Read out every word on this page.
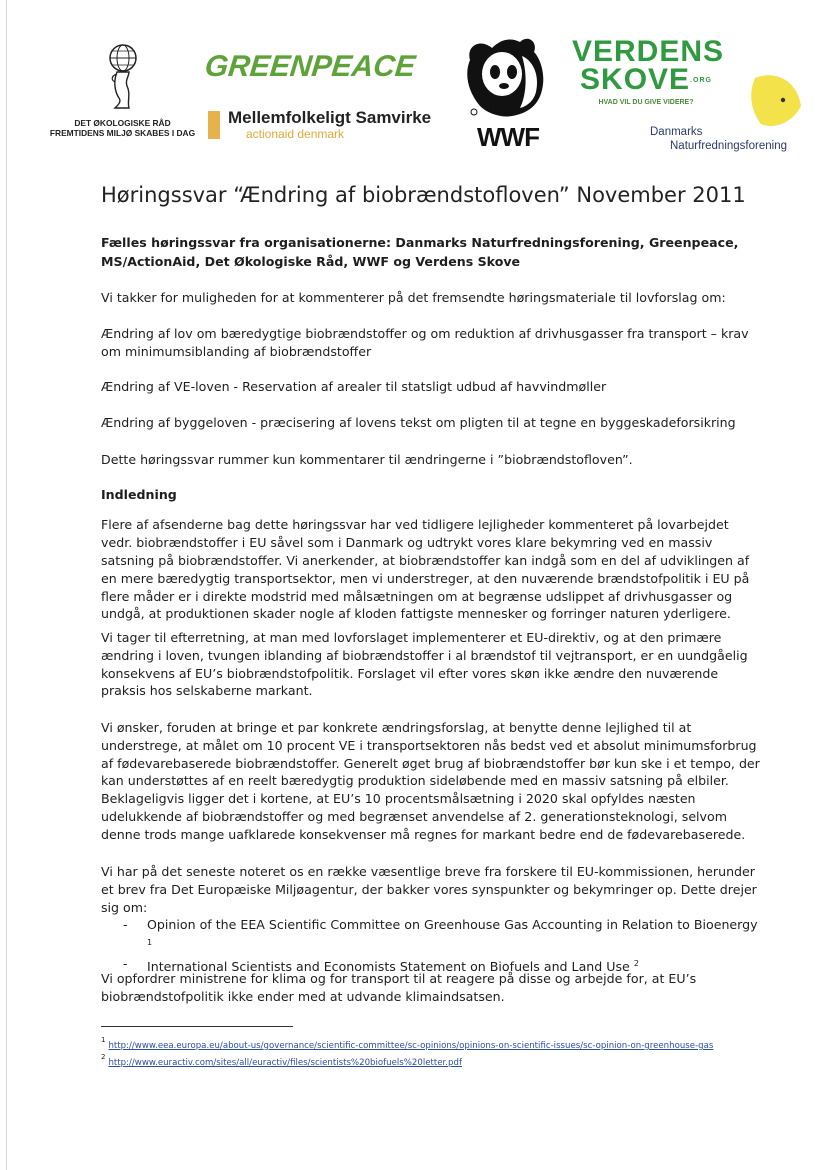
DET ØKOLOGISKE RÅD
FREMTIDENS MILJØ SKABES I DAG
GREENPEACE
Mellemfolkeligt Samvirke
actionaid denmark	WWF
VERDENS
SKOVE.ORG
HVAD VIL DU GIVE VIDERE?
Danmarks
Naturfredningsforening
Høringssvar “Ændring af biobrændstofloven” November 2011
Fælles høringssvar fra organisationerne: Danmarks Naturfredningsforening, Greenpeace, MS/ActionAid, Det Økologiske Råd, WWF og Verdens Skove
Vi takker for muligheden for at kommenterer på det fremsendte høringsmateriale til lovforslag om:
Ændring af lov om bæredygtige biobrændstoffer og om reduktion af drivhusgasser fra transport – krav om minimumsiblanding af biobrændstoffer
Ændring af VE-loven - Reservation af arealer til statsligt udbud af havvindmøller
Ændring af byggeloven - præcisering af lovens tekst om pligten til at tegne en byggeskadeforsikring
Dette høringssvar rummer kun kommentarer til ændringerne i ”biobrændstofloven”.
Indledning

Flere af afsenderne bag dette høringssvar har ved tidligere lejligheder kommenteret på lovarbejdet vedr. biobrændstoffer i EU såvel som i Danmark og udtrykt vores klare bekymring ved en massiv satsning på biobrændstoffer. Vi anerkender, at biobrændstoffer kan indgå som en del af udviklingen af en mere bæredygtig transportsektor, men vi understreger, at den nuværende brændstofpolitik i EU på flere måder er i direkte modstrid med målsætningen om at begrænse udslippet af drivhusgasser og undgå, at produktionen skader nogle af kloden fattigste mennesker og forringer naturen yderligere.

Vi tager til efterretning, at man med lovforslaget implementerer et EU-direktiv, og at den primære ændring i loven, tvungen iblanding af biobrændstoffer i al brændstof til vejtransport, er en uundgåelig konsekvens af EU’s biobrændstofpolitik. Forslaget vil efter vores skøn ikke ændre den nuværende praksis hos selskaberne markant.
Vi ønsker, foruden at bringe et par konkrete ændringsforslag, at benytte denne lejlighed til at understrege, at målet om 10 procent VE i transportsektoren nås bedst ved et absolut minimumsforbrug af fødevarebaserede biobrændstoffer. Generelt øget brug af biobrændstoffer bør kun ske i et tempo, der kan understøttes af en reelt bæredygtig produktion sideløbende med en massiv satsning på elbiler. Beklageligvis ligger det i kortene, at EU’s 10 procentsmålsætning i 2020 skal opfyldes næsten udelukkende af biobrændstoffer og med begrænset anvendelse af 2. generationsteknologi, selvom denne trods mange uafklarede konsekvenser må regnes for markant bedre end de fødevarebaserede.
Vi har på det seneste noteret os en række væsentlige breve fra forskere til EU-kommissionen, herunder et brev fra Det Europæiske Miljøagentur, der bakker vores synspunkter og bekymringer op. Dette drejer sig om:
- Opinion of the EEA Scientific Committee on Greenhouse Gas Accounting in Relation to Bioenergy $^1$
- International Scientists and Economists Statement on Biofuels and Land Use $^2$
Vi opfordrer ministrene for klima og for transport til at reagere på disse og arbejde for, at EU’s biobrændstofpolitik ikke ender med at udvande klimaindsatsen.
$^1$http://www.eea.europa.eu/about-us/governance/scientific-committee/sc-opinions/opinions-on-scientific-issues/sc-opinion-on-greenhouse-gas
$^2$http://www.euractiv.com/sites/all/euractiv/files/scientists%20biofuels%20letter.pdf
